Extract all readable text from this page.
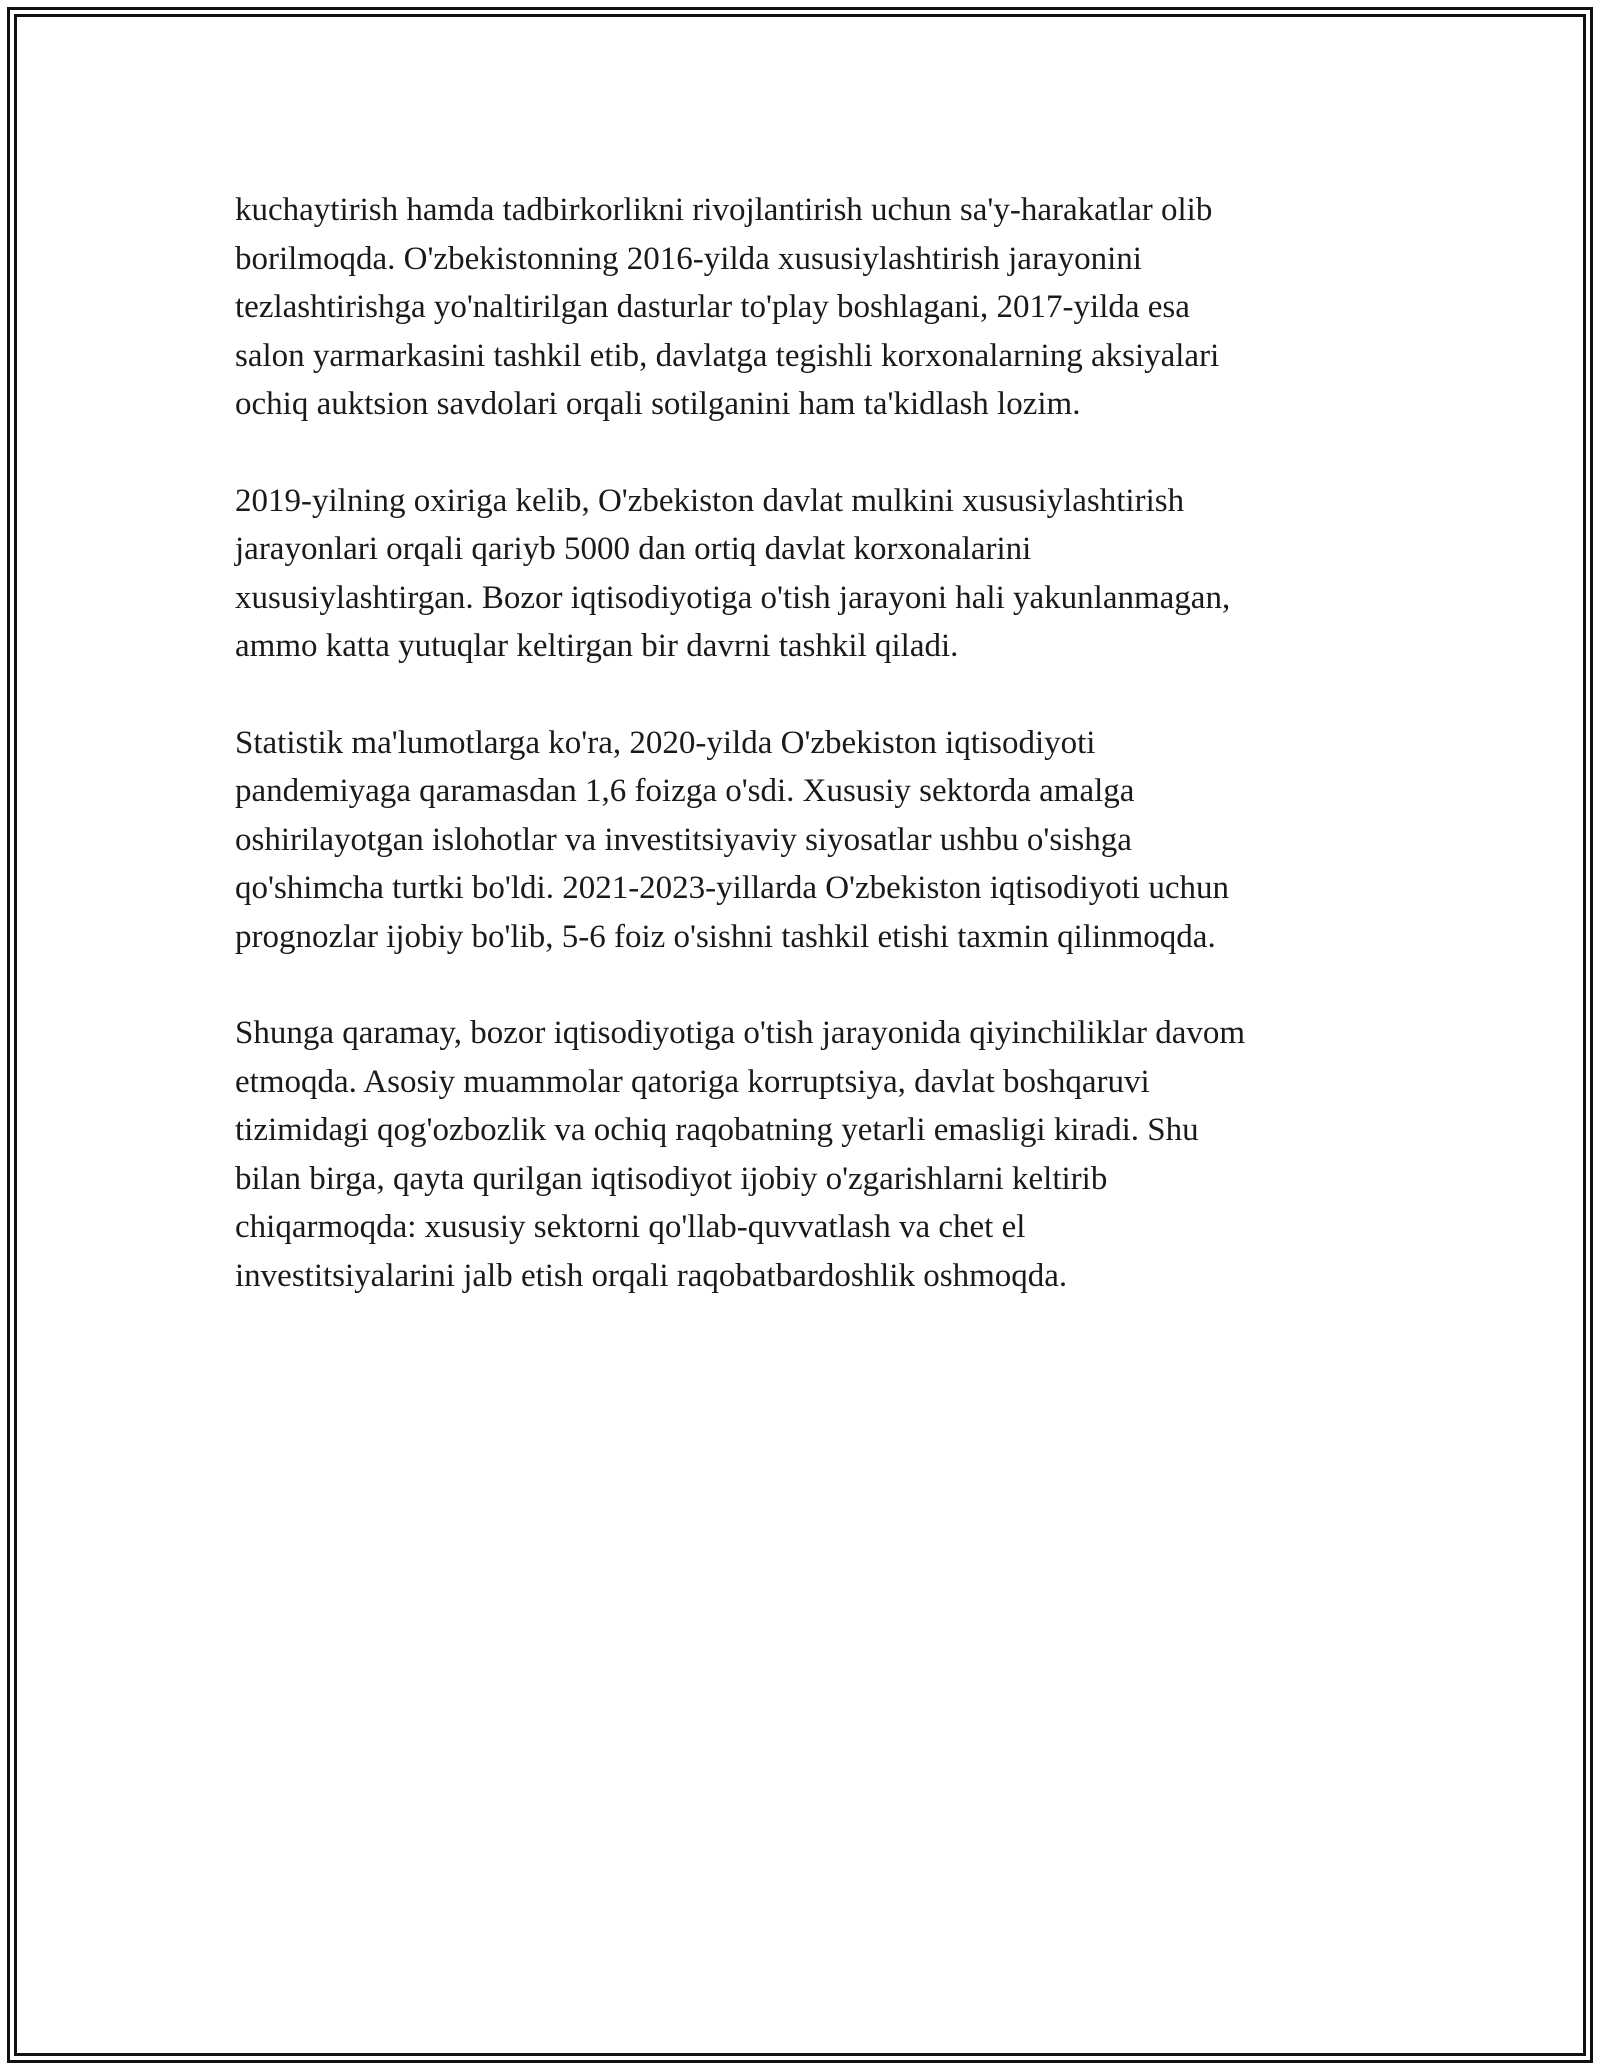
kuchaytirish hamda tadbirkorlikni rivojlantirish uchun sa'y-harakatlar olib
borilmoqda. O'zbekistonning 2016-yilda xususiylashtirish jarayonini
tezlashtirishga yo'naltirilgan dasturlar to'play boshlagani, 2017-yilda esa
salon yarmarkasini tashkil etib, davlatga tegishli korxonalarning aksiyalari
ochiq auktsion savdolari orqali sotilganini ham ta'kidlash lozim.

2019-yilning oxiriga kelib, O'zbekiston davlat mulkini xususiylashtirish
jarayonlari orqali qariyb 5000 dan ortiq davlat korxonalarini
xususiylashtirgan. Bozor iqtisodiyotiga o'tish jarayoni hali yakunlanmagan,
ammo katta yutuqlar keltirgan bir davrni tashkil qiladi.

Statistik ma'lumotlarga ko'ra, 2020-yilda O'zbekiston iqtisodiyoti
pandemiyaga qaramasdan 1,6 foizga o'sdi. Xususiy sektorda amalga
oshirilayotgan islohotlar va investitsiyaviy siyosatlar ushbu o'sishga
qo'shimcha turtki bo'ldi. 2021-2023-yillarda O'zbekiston iqtisodiyoti uchun
prognozlar ijobiy bo'lib, 5-6 foiz o'sishni tashkil etishi taxmin qilinmoqda.

Shunga qaramay, bozor iqtisodiyotiga o'tish jarayonida qiyinchiliklar davom
etmoqda. Asosiy muammolar qatoriga korruptsiya, davlat boshqaruvi
tizimidagi qog'ozbozlik va ochiq raqobatning yetarli emasligi kiradi. Shu
bilan birga, qayta qurilgan iqtisodiyot ijobiy o'zgarishlarni keltirib
chiqarmoqda: xususiy sektorni qo'llab-quvvatlash va chet el
investitsiyalarini jalb etish orqali raqobatbardoshlik oshmoqda.
